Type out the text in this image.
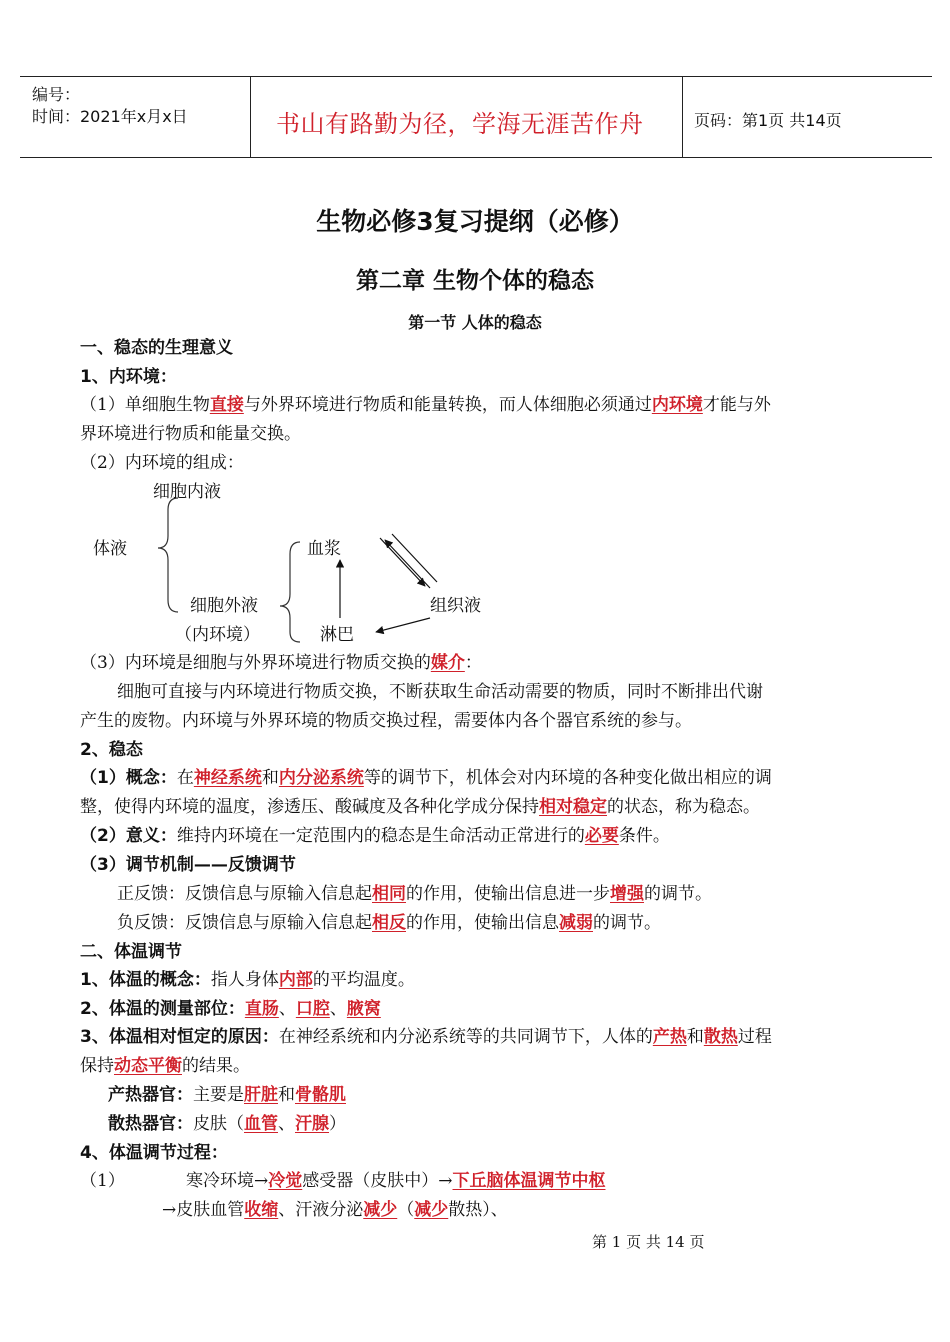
编号：
时间：2021年x月x日	书山有路勤为径，学海无涯苦作舟	页码：第1页 共14页
生物必修3复习提纲（必修）
第二章 生物个体的稳态
第一节 人体的稳态
一、稳态的生理意义
1、内环境：
（1）单细胞生物直接与外界环境进行物质和能量转换，而人体细胞必须通过内环境才能与外
界环境进行物质和能量交换。
（2）内环境的组成：
细胞内液
体液	血浆
细胞外液	组织液
（内环境）	淋巴
（3）内环境是细胞与外界环境进行物质交换的媒介：
细胞可直接与内环境进行物质交换，不断获取生命活动需要的物质，同时不断排出代谢
产生的废物。内环境与外界环境的物质交换过程，需要体内各个器官系统的参与。
2、稳态
（1）概念：在神经系统和内分泌系统等的调节下，机体会对内环境的各种变化做出相应的调
整，使得内环境的温度，渗透压、酸碱度及各种化学成分保持相对稳定的状态，称为稳态。
（2）意义：维持内环境在一定范围内的稳态是生命活动正常进行的必要条件。
（3）调节机制——反馈调节
正反馈：反馈信息与原输入信息起相同的作用，使输出信息进一步增强的调节。
负反馈：反馈信息与原输入信息起相反的作用，使输出信息减弱的调节。
二、体温调节
1、体温的概念：指人身体内部的平均温度。
2、体温的测量部位：直肠、口腔、腋窝
3、体温相对恒定的原因：在神经系统和内分泌系统等的共同调节下，人体的产热和散热过程
保持动态平衡的结果。
产热器官：主要是肝脏和骨骼肌
散热器官：皮肤（血管、汗腺）
4、体温调节过程：
（1）	寒冷环境→冷觉感受器（皮肤中）→下丘脑体温调节中枢
→皮肤血管收缩、汗液分泌减少（减少散热）、
第 1 页 共 14 页
